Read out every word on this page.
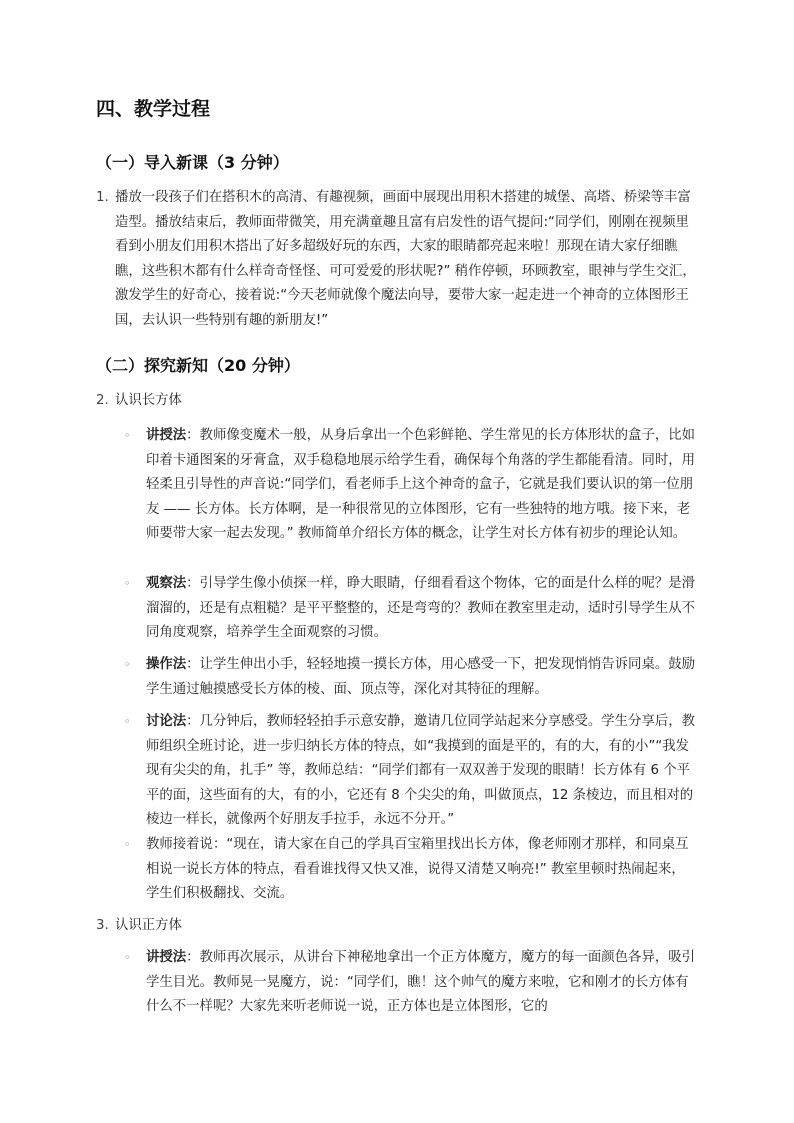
四、教学过程
（一）导入新课（3 分钟）
1. 播放一段孩子们在搭积木的高清、有趣视频，画面中展现出用积木搭建的城堡、高塔、桥梁等丰富造型。播放结束后，教师面带微笑，用充满童趣且富有启发性的语气提问:“同学们，刚刚在视频里看到小朋友们用积木搭出了好多超级好玩的东西，大家的眼睛都亮起来啦！那现在请大家仔细瞧瞧，这些积木都有什么样奇奇怪怪、可可爱爱的形状呢?” 稍作停顿，环顾教室，眼神与学生交汇，激发学生的好奇心，接着说:“今天老师就像个魔法向导，要带大家一起走进一个神奇的立体图形王国，去认识一些特别有趣的新朋友!”
（二）探究新知（20 分钟）
2. 认识长方体
◦ 讲授法：教师像变魔术一般，从身后拿出一个色彩鲜艳、学生常见的长方体形状的盒子，比如印着卡通图案的牙膏盒，双手稳稳地展示给学生看，确保每个角落的学生都能看清。同时，用轻柔且引导性的声音说:“同学们，看老师手上这个神奇的盒子，它就是我们要认识的第一位朋友 —— 长方体。长方体啊，是一种很常见的立体图形，它有一些独特的地方哦。接下来，老师要带大家一起去发现。” 教师简单介绍长方体的概念，让学生对长方体有初步的理论认知。
◦ 观察法：引导学生像小侦探一样，睁大眼睛，仔细看看这个物体，它的面是什么样的呢？是滑溜溜的，还是有点粗糙？是平平整整的，还是弯弯的？教师在教室里走动，适时引导学生从不同角度观察，培养学生全面观察的习惯。
◦ 操作法：让学生伸出小手，轻轻地摸一摸长方体，用心感受一下，把发现悄悄告诉同桌。鼓励学生通过触摸感受长方体的棱、面、顶点等，深化对其特征的理解。
◦ 讨论法：几分钟后，教师轻轻拍手示意安静，邀请几位同学站起来分享感受。学生分享后，教师组织全班讨论，进一步归纳长方体的特点，如“我摸到的面是平的，有的大，有的小”“我发现有尖尖的角，扎手” 等，教师总结：“同学们都有一双双善于发现的眼睛！长方体有 6 个平平的面，这些面有的大，有的小，它还有 8 个尖尖的角，叫做顶点，12 条棱边，而且相对的棱边一样长，就像两个好朋友手拉手，永远不分开。”
◦ 教师接着说：“现在，请大家在自己的学具百宝箱里找出长方体，像老师刚才那样，和同桌互相说一说长方体的特点，看看谁找得又快又准，说得又清楚又响亮!” 教室里顿时热闹起来，学生们积极翻找、交流。
3. 认识正方体
◦ 讲授法：教师再次展示，从讲台下神秘地拿出一个正方体魔方，魔方的每一面颜色各异，吸引学生目光。教师晃一晃魔方，说：“同学们，瞧！这个帅气的魔方来啦，它和刚才的长方体有什么不一样呢？大家先来听老师说一说，正方体也是立体图形，它的
